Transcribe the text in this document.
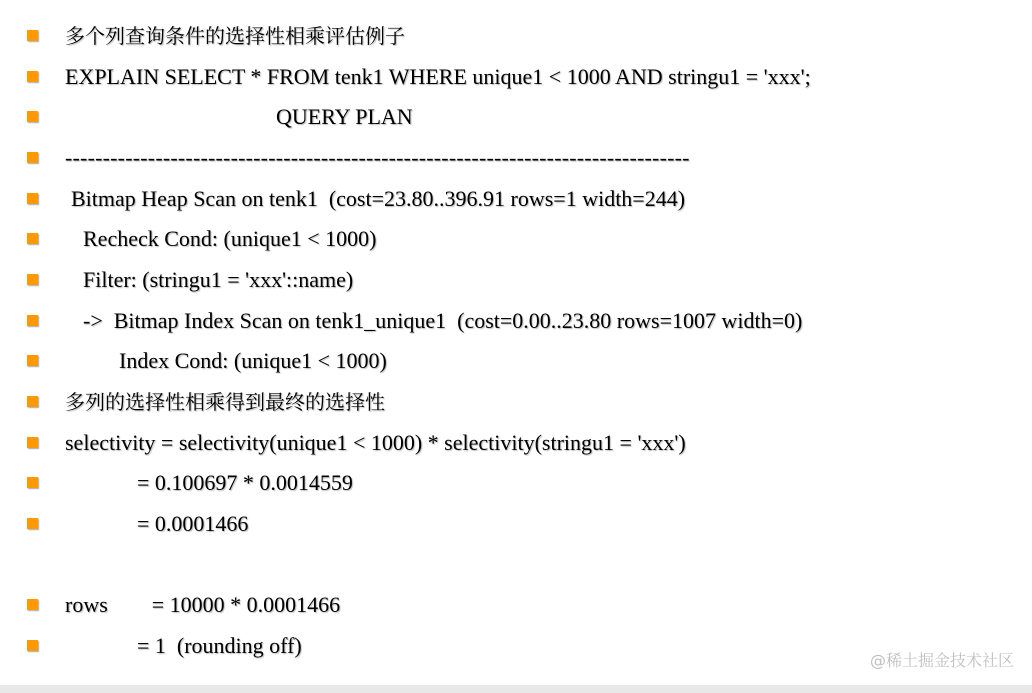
多个列查询条件的选择性相乘评估例子
EXPLAIN SELECT * FROM tenk1 WHERE unique1 < 1000 AND stringu1 = 'xxx';
QUERY PLAN
-----------------------------------------------------------------------------------
Bitmap Heap Scan on tenk1  (cost=23.80..396.91 rows=1 width=244)
Recheck Cond: (unique1 < 1000)
Filter: (stringu1 = 'xxx'::name)
->  Bitmap Index Scan on tenk1_unique1  (cost=0.00..23.80 rows=1007 width=0)
Index Cond: (unique1 < 1000)
多列的选择性相乘得到最终的选择性
selectivity = selectivity(unique1 < 1000) * selectivity(stringu1 = 'xxx')
= 0.100697 * 0.0014559
= 0.0001466
rows        = 10000 * 0.0001466
= 1  (rounding off)
@稀土掘金技术社区
